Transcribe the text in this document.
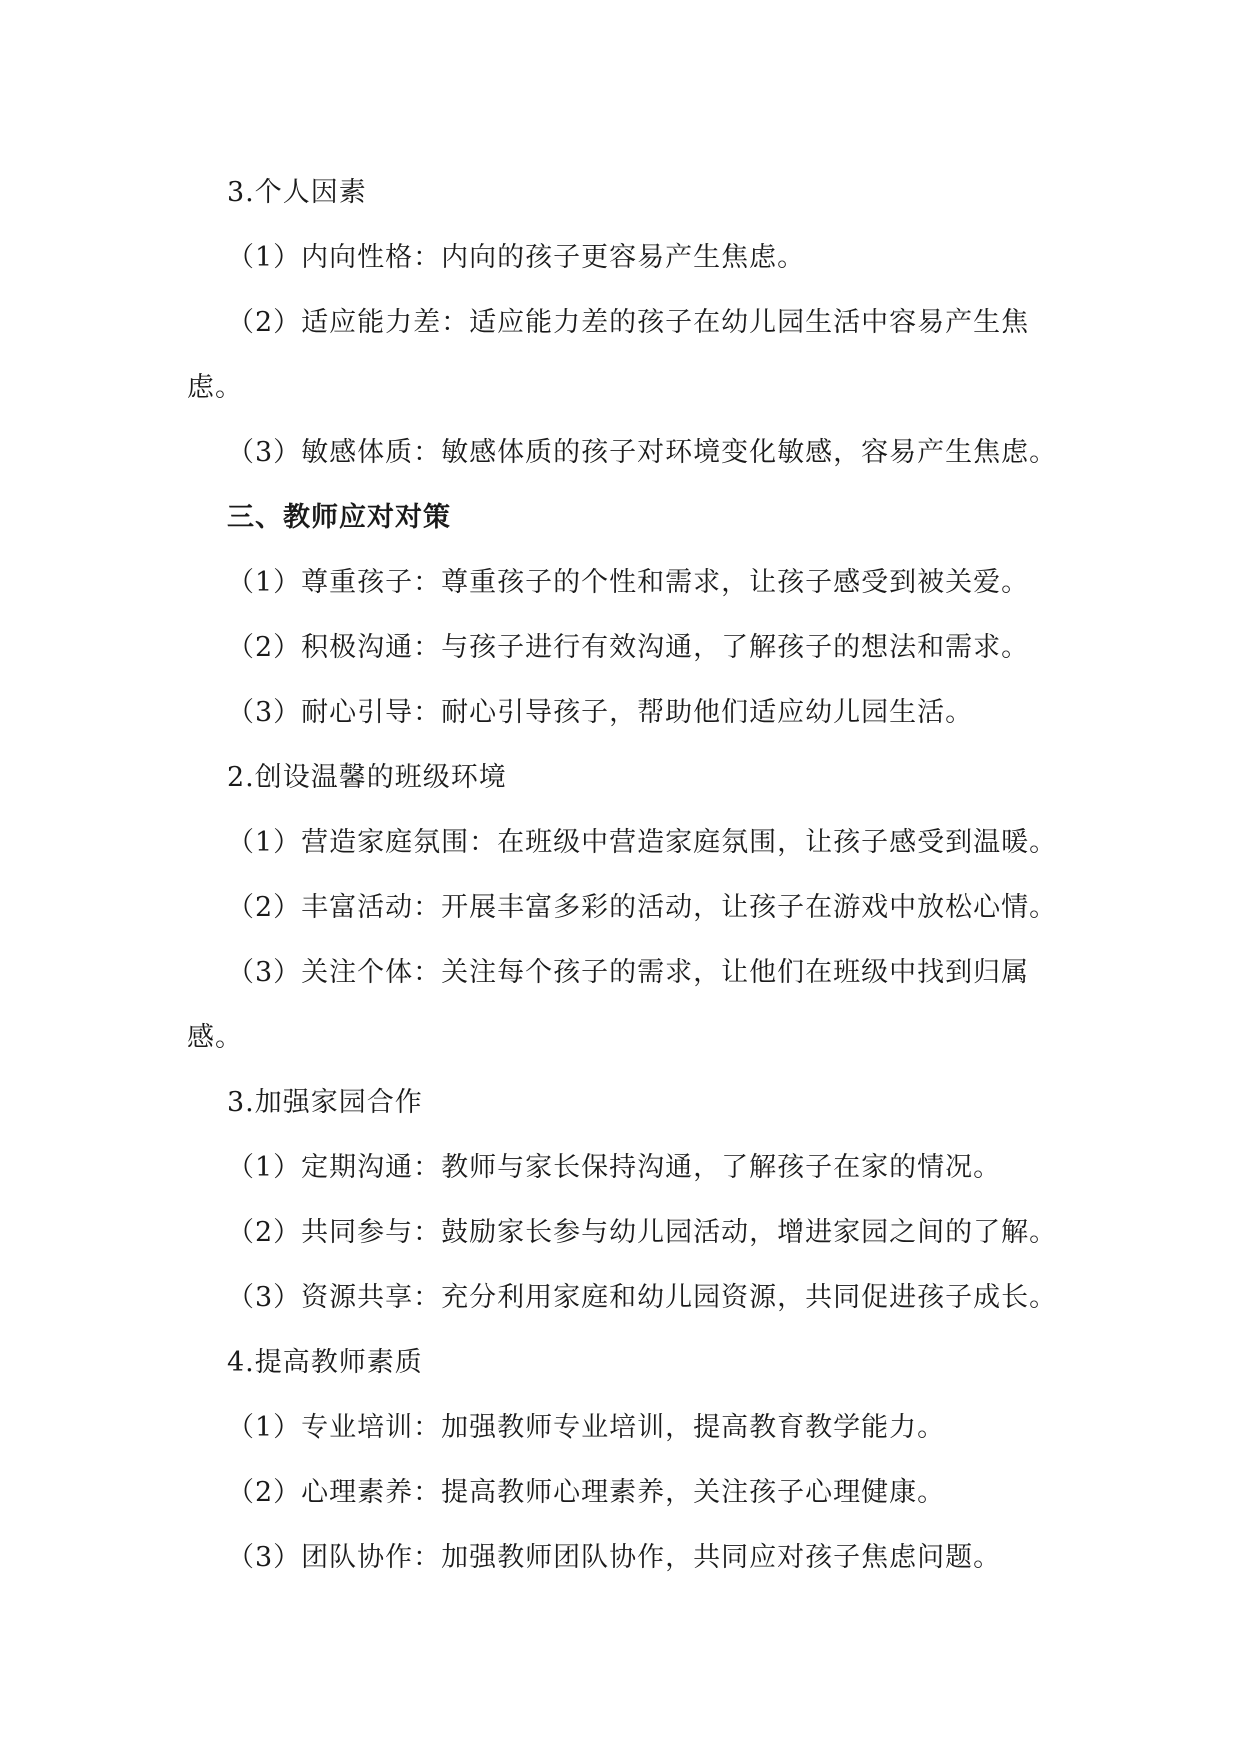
3.个人因素
（1）内向性格：内向的孩子更容易产生焦虑。
（2）适应能力差：适应能力差的孩子在幼儿园生活中容易产生焦
虑。
（3）敏感体质：敏感体质的孩子对环境变化敏感，容易产生焦虑。
三、教师应对对策
（1）尊重孩子：尊重孩子的个性和需求，让孩子感受到被关爱。
（2）积极沟通：与孩子进行有效沟通，了解孩子的想法和需求。
（3）耐心引导：耐心引导孩子，帮助他们适应幼儿园生活。
2.创设温馨的班级环境
（1）营造家庭氛围：在班级中营造家庭氛围，让孩子感受到温暖。
（2）丰富活动：开展丰富多彩的活动，让孩子在游戏中放松心情。
（3）关注个体：关注每个孩子的需求，让他们在班级中找到归属
感。
3.加强家园合作
（1）定期沟通：教师与家长保持沟通，了解孩子在家的情况。
（2）共同参与：鼓励家长参与幼儿园活动，增进家园之间的了解。
（3）资源共享：充分利用家庭和幼儿园资源，共同促进孩子成长。
4.提高教师素质
（1）专业培训：加强教师专业培训，提高教育教学能力。
（2）心理素养：提高教师心理素养，关注孩子心理健康。
（3）团队协作：加强教师团队协作，共同应对孩子焦虑问题。
